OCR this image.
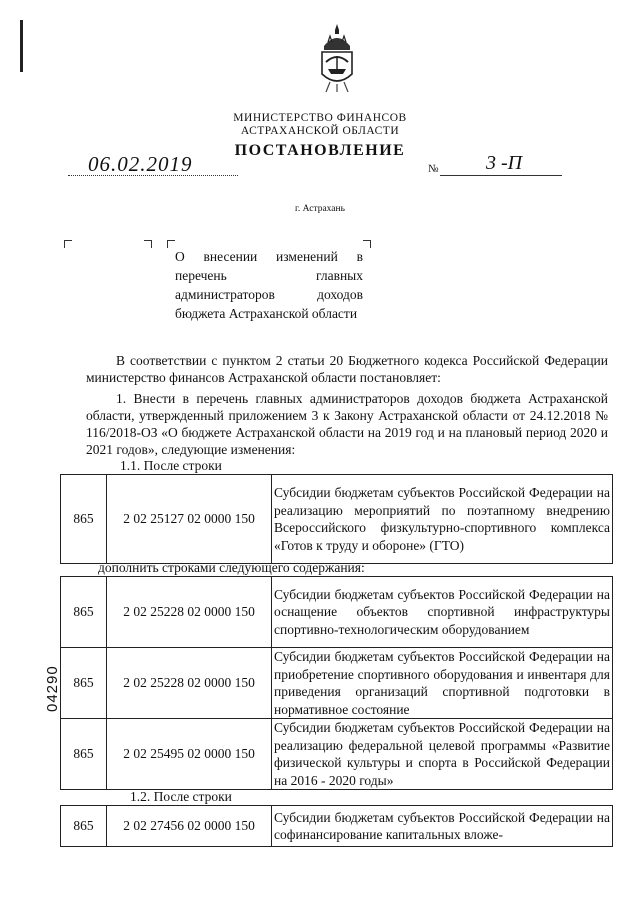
МИНИСТЕРСТВО ФИНАНСОВ
АСТРАХАНСКОЙ ОБЛАСТИ
ПОСТАНОВЛЕНИЕ
06.02.2019	№ 3 -П
г. Астрахань
О внесении изменений в перечень главных администраторов доходов бюджета Астраханской области
В соответствии с пунктом 2 статьи 20 Бюджетного кодекса Российской Федерации министерство финансов Астраханской области постановляет:
1. Внести в перечень главных администраторов доходов бюджета Астраханской области, утвержденный приложением 3 к Закону Астраханской области от 24.12.2018 № 116/2018-ОЗ «О бюджете Астраханской области на 2019 год и на плановый период 2020 и 2021 годов», следующие изменения:
1.1. После строки
865	2 02 25127 02 0000 150	Субсидии бюджетам субъектов Российской Федерации на реализацию мероприятий по поэтапному внедрению Всероссийского физкультурно-спортивного комплекса «Готов к труду и обороне» (ГТО)
дополнить строками следующего содержания:
865	2 02 25228 02 0000 150	Субсидии бюджетам субъектов Российской Федерации на оснащение объектов спортивной инфраструктуры спортивно-технологическим оборудованием
865	2 02 25228 02 0000 150	Субсидии бюджетам субъектов Российской Федерации на приобретение спортивного оборудования и инвентаря для приведения организаций спортивной подготовки в нормативное состояние
865	2 02 25495 02 0000 150	Субсидии бюджетам субъектов Российской Федерации на реализацию федеральной целевой программы «Развитие физической культуры и спорта в Российской Федерации на 2016 - 2020 годы»
1.2. После строки
865	2 02 27456 02 0000 150	Субсидии бюджетам субъектов Российской Федерации на софинансирование капитальных вложе-
04290
